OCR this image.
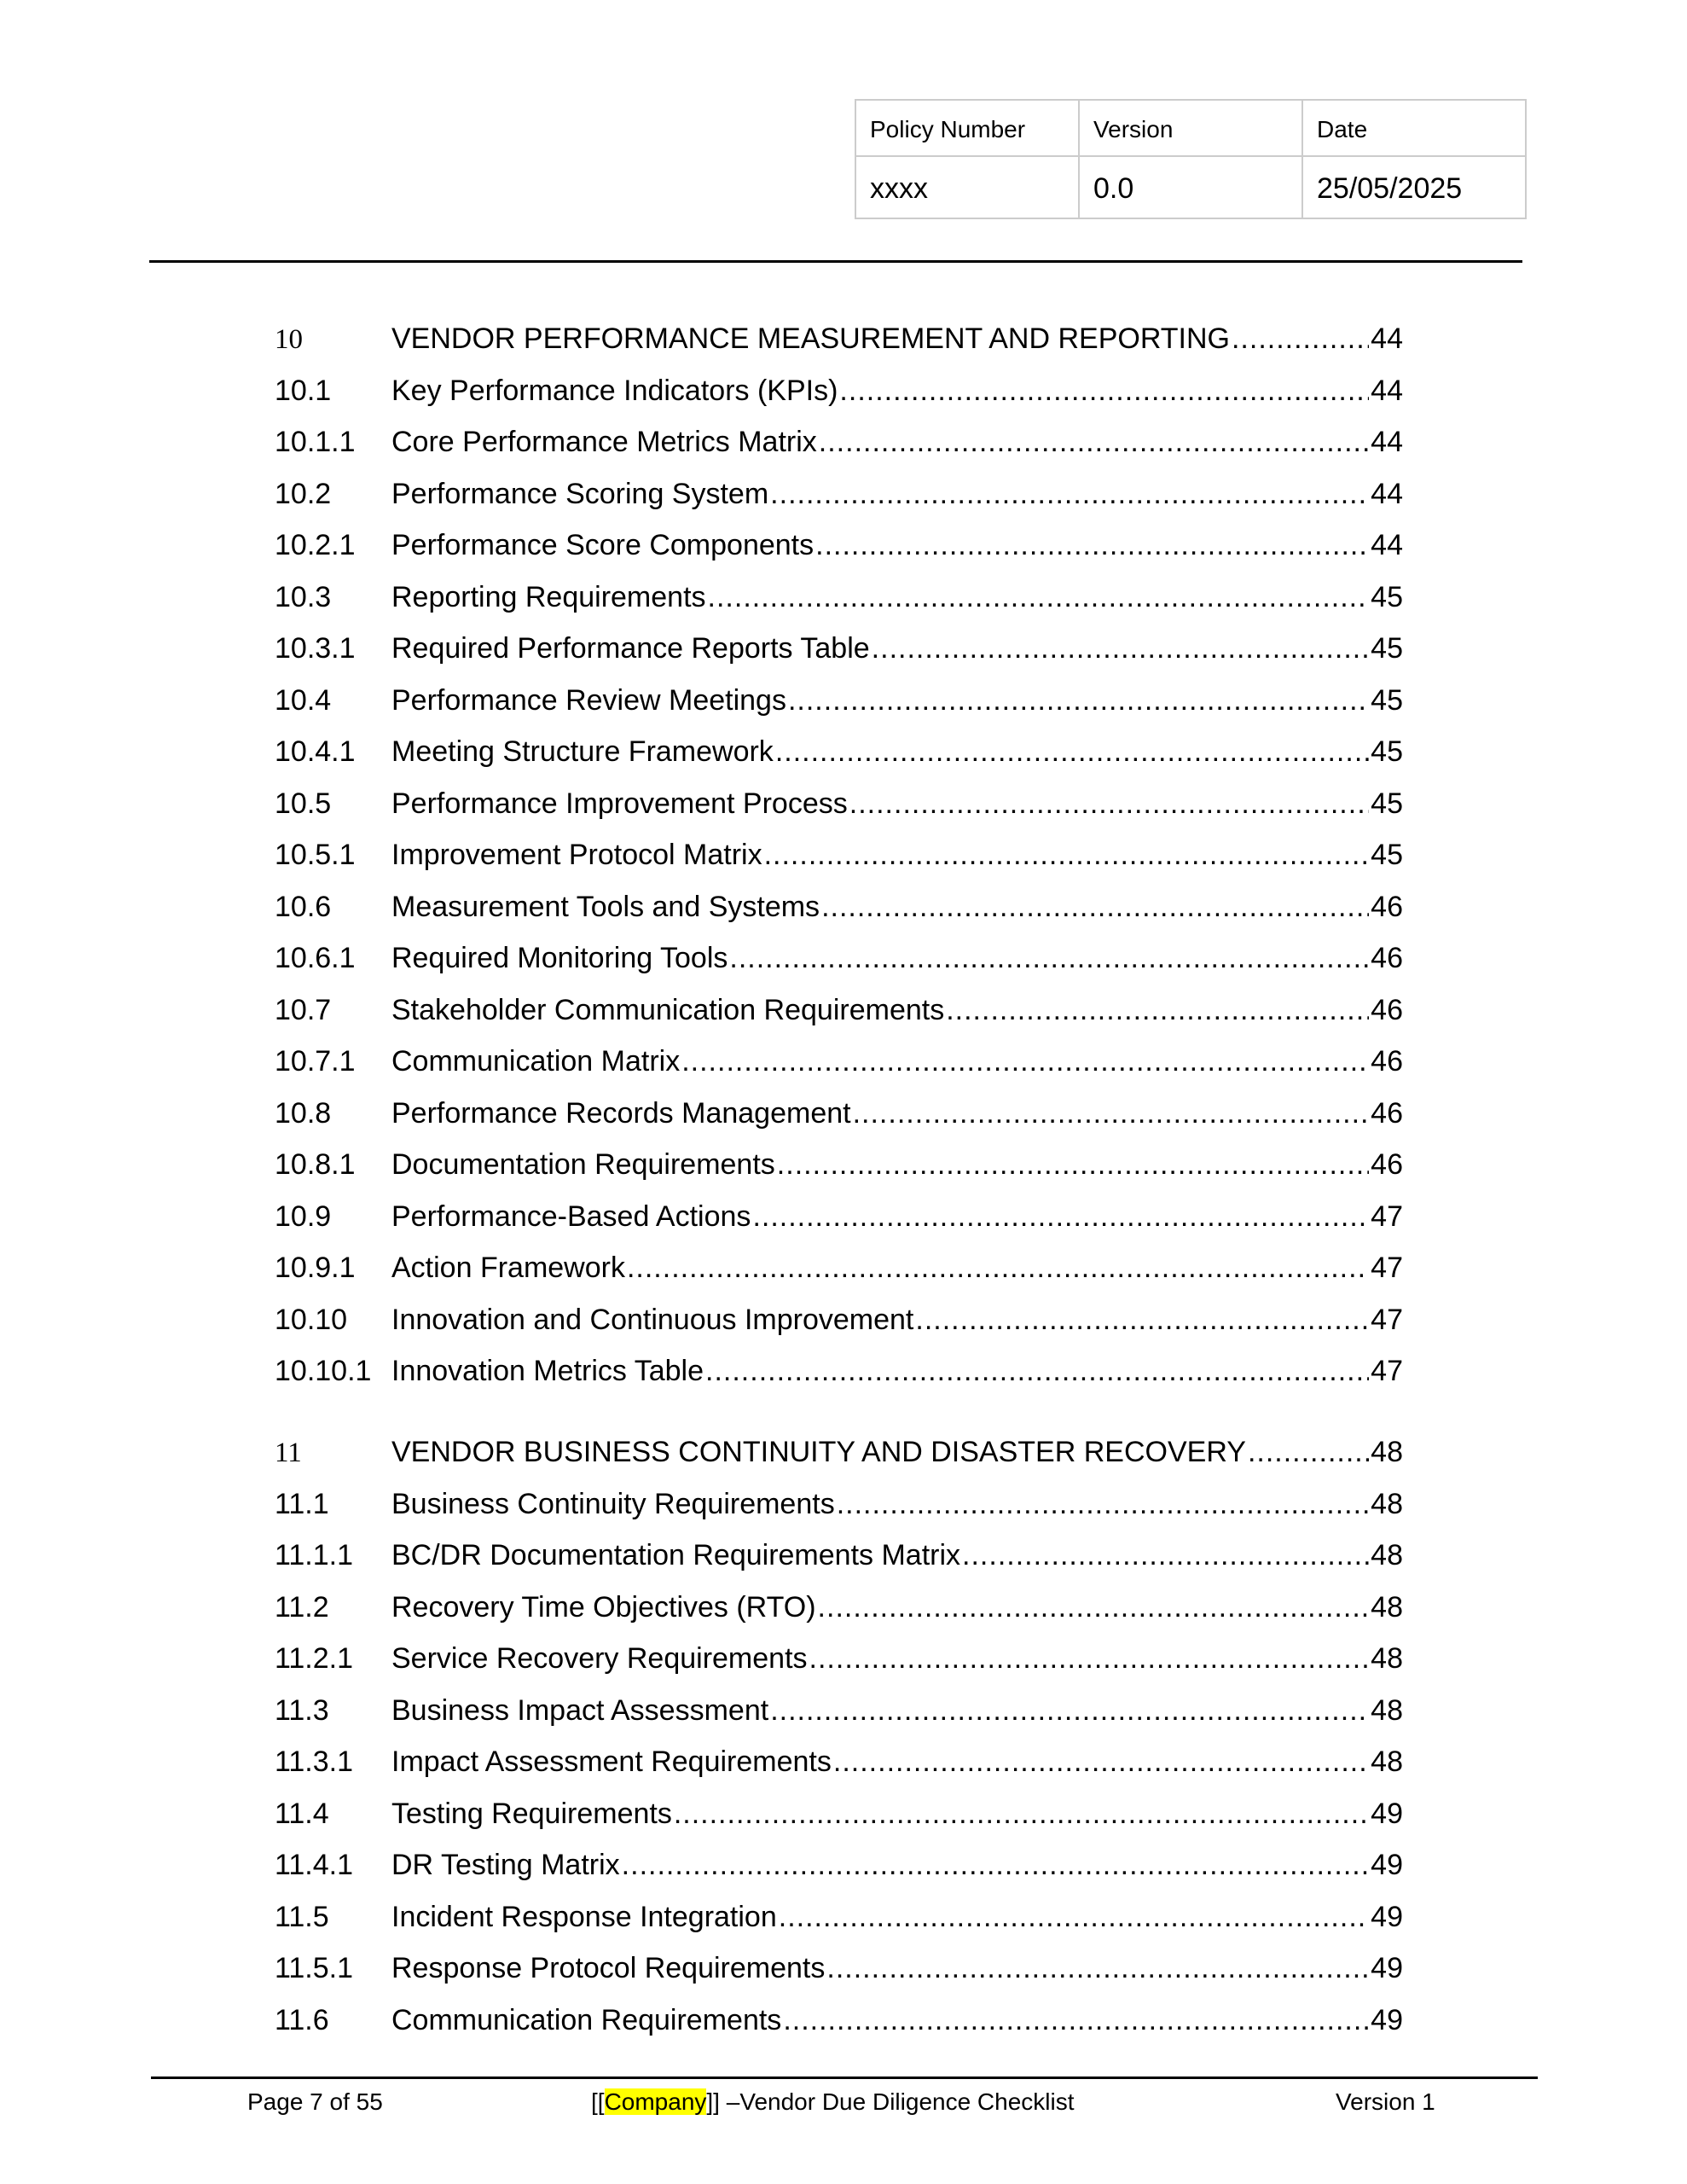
Policy Number	Version	Date
xxxx	0.0	25/05/2025
10	VENDOR PERFORMANCE MEASUREMENT AND REPORTING .....	44
10.1	Key Performance Indicators (KPIs) .....	44
10.1.1	Core Performance Metrics Matrix .....	44
10.2	Performance Scoring System .....	44
10.2.1	Performance Score Components .....	44
10.3	Reporting Requirements .....	45
10.3.1	Required Performance Reports Table .....	45
10.4	Performance Review Meetings .....	45
10.4.1	Meeting Structure Framework .....	45
10.5	Performance Improvement Process .....	45
10.5.1	Improvement Protocol Matrix .....	45
10.6	Measurement Tools and Systems .....	46
10.6.1	Required Monitoring Tools .....	46
10.7	Stakeholder Communication Requirements .....	46
10.7.1	Communication Matrix .....	46
10.8	Performance Records Management .....	46
10.8.1	Documentation Requirements .....	46
10.9	Performance-Based Actions .....	47
10.9.1	Action Framework .....	47
10.10	Innovation and Continuous Improvement .....	47
10.10.1 Innovation Metrics Table .....	47
11	VENDOR BUSINESS CONTINUITY AND DISASTER RECOVERY .....	48
11.1	Business Continuity Requirements .....	48
11.1.1	BC/DR Documentation Requirements Matrix .....	48
11.2	Recovery Time Objectives (RTO) .....	48
11.2.1	Service Recovery Requirements .....	48
11.3	Business Impact Assessment .....	48
11.3.1	Impact Assessment Requirements .....	48
11.4	Testing Requirements .....	49
11.4.1	DR Testing Matrix .....	49
11.5	Incident Response Integration .....	49
11.5.1	Response Protocol Requirements .....	49
11.6	Communication Requirements .....	49
Page 7 of 55	[[Company]] –Vendor Due Diligence Checklist	Version 1
